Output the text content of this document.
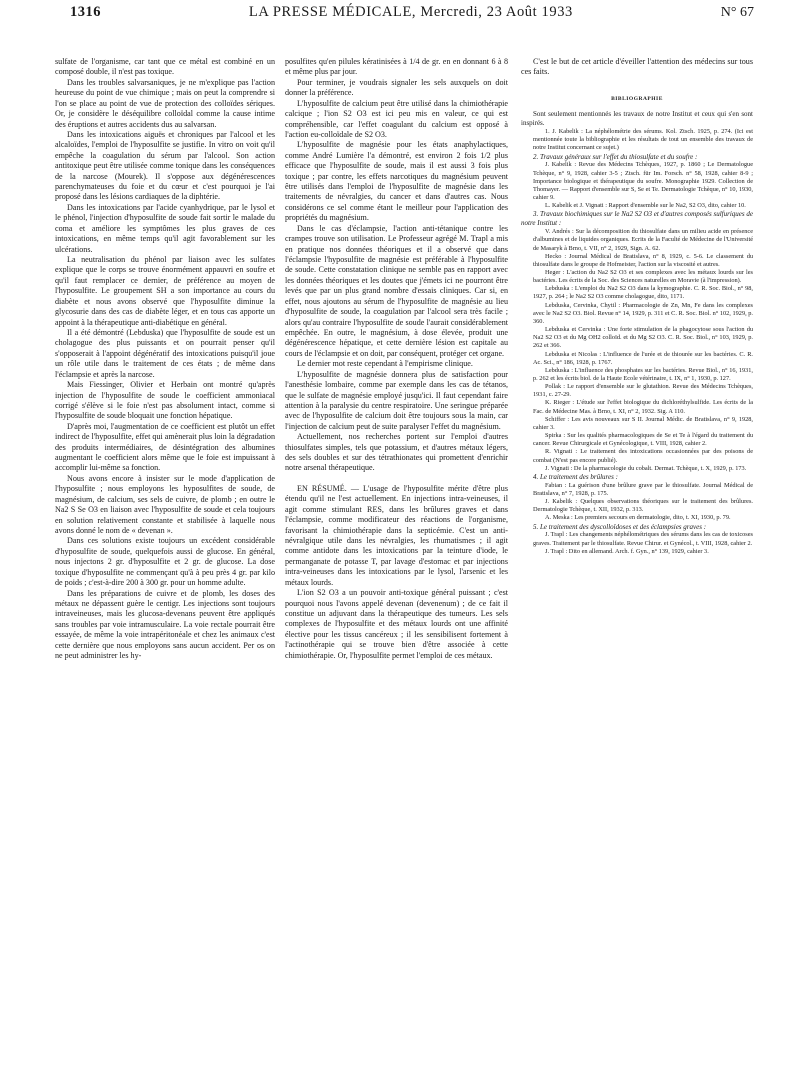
1316	LA PRESSE MÉDICALE, Mercredi, 23 Août 1933	N° 67

sulfate de l'organisme, car tant que ce métal est combiné en un composé double, il n'est pas toxique.

Dans les troubles salvarsaniques, je ne m'explique pas l'action heureuse du point de vue chimique ; mais on peut la comprendre si l'on se place au point de vue de protection des colloïdes sériques. Or, je considère le déséquilibre colloïdal comme la cause intime des éruptions et autres accidents dus au salvarsan.

Dans les intoxications aiguës et chroniques par l'alcool et les alcaloïdes, l'emploi de l'hyposulfite se justifie. In vitro on voit qu'il empêche la coagulation du sérum par l'alcool. Son action antitoxique peut être utilisée comme tonique dans les conséquences de la narcose (Mourek). Il s'oppose aux dégénérescences parenchymateuses du foie et du cœur et c'est pourquoi je l'ai proposé dans les lésions cardiaques de la diphtérie.

Dans les intoxications par l'acide cyanhydrique, par le lysol et le phénol, l'injection d'hyposulfite de soude fait sortir le malade du coma et améliore les symptômes les plus graves de ces intoxications, en même temps qu'il agit favorablement sur les ulcérations.

La neutralisation du phénol par liaison avec les sulfates explique que le corps se trouve énormément appauvri en soufre et qu'il faut remplacer ce dernier, de préférence au moyen de l'hyposulfite. Le groupement SH a son importance au cours du diabète et nous avons observé que l'hyposulfite diminue la glycosurie dans des cas de diabète léger, et en tous cas apporte un appoint à la thérapeutique anti-diabétique en général.

Il a été démontré (Lebduska) que l'hyposulfite de soude est un cholagogue des plus puissants et on pourrait penser qu'il s'opposerait à l'appoint dégénératif des intoxications puisqu'il joue un rôle utile dans le traitement de ces états ; de même dans l'éclampsie et après la narcose.

Mais Fiessinger, Olivier et Herbain ont montré qu'après injection de l'hyposulfite de soude le coefficient ammoniacal corrigé s'élève si le foie n'est pas absolument intact, comme si l'hyposulfite de soude bloquait une fonction hépatique.

D'après moi, l'augmentation de ce coefficient est plutôt un effet indirect de l'hyposulfite, effet qui amènerait plus loin la dégradation des produits intermédiaires, de désintégration des albumines augmentant le coefficient alors même que le foie est impuissant à accomplir lui-même sa fonction.

Nous avons encore à insister sur le mode d'application de l'hyposulfite ; nous employons les hyposulfites de soude, de magnésium, de calcium, ses sels de cuivre, de plomb ; en outre le Na2 S Se O3 en liaison avec l'hyposulfite de soude et cela toujours en solution relativement constante et stabilisée à laquelle nous avons donné le nom de « devenan ».

Dans ces solutions existe toujours un excédent considérable d'hyposulfite de soude, quelquefois aussi de glucose. En général, nous injectons 2 gr. d'hyposulfite et 2 gr. de glucose. La dose toxique d'hyposulfite ne commençant qu'à à peu près 4 gr. par kilo de poids ; c'est-à-dire 200 à 300 gr. pour un homme adulte.

Dans les préparations de cuivre et de plomb, les doses des métaux ne dépassent guère le centigr. Les injections sont toujours intraveineuses, mais les glucosa-devenans peuvent être appliqués sans troubles par voie intramusculaire. La voie rectale pourrait être essayée, de même la voie intrapéritonéale et chez les animaux c'est cette dernière que nous employons sans aucun accident. Per os on ne peut administrer les hy-

posulfites qu'en pilules kératinisées à 1/4 de gr. en en donnant 6 à 8 et même plus par jour.

Pour terminer, je voudrais signaler les sels auxquels on doit donner la préférence.

L'hyposulfite de calcium peut être utilisé dans la chimiothérapie calcique ; l'ion S2 O3 est ici peu mis en valeur, ce qui est compréhensible, car l'effet coagulant du calcium est opposé à l'action eu-colloïdale de S2 O3.

L'hyposulfite de magnésie pour les états anaphylactiques, comme André Lumière l'a démontré, est environ 2 fois 1/2 plus efficace que l'hyposulfite de soude, mais il est aussi 3 fois plus toxique ; par contre, les effets narcotiques du magnésium peuvent être utilisés dans l'emploi de l'hyposulfite de magnésie dans les traitements de névralgies, du cancer et dans d'autres cas. Nous considérons ce sel comme étant le meilleur pour l'application des propriétés du magnésium.

Dans le cas d'éclampsie, l'action anti-tétanique contre les crampes trouve son utilisation. Le Professeur agrégé M. Trapl a mis en pratique nos données théoriques et il a observé que dans l'éclampsie l'hyposulfite de magnésie est préférable à l'hyposulfite de soude. Cette constatation clinique ne semble pas en rapport avec les données théoriques et les doutes que j'émets ici ne pourront être levés que par un plus grand nombre d'essais cliniques. Car si, en effet, nous ajoutons au sérum de l'hyposulfite de magnésie au lieu d'hyposulfite de soude, la coagulation par l'alcool sera très facile ; alors qu'au contraire l'hyposulfite de soude l'aurait considérablement empêchée. En outre, le magnésium, à dose élevée, produit une dégénérescence hépatique, et cette dernière lésion est capitale au cours de l'éclampsie et on doit, par conséquent, protéger cet organe.

Le dernier mot reste cependant à l'empirisme clinique.

L'hyposulfite de magnésie donnera plus de satisfaction pour l'anesthésie lombaire, comme par exemple dans les cas de tétanos, que le sulfate de magnésie employé jusqu'ici. Il faut cependant faire attention à la paralysie du centre respiratoire. Une seringue préparée avec de l'hyposulfite de calcium doit être toujours sous la main, car l'injection de calcium peut de suite paralyser l'effet du magnésium.

Actuellement, nos recherches portent sur l'emploi d'autres thiosulfates simples, tels que potassium, et d'autres métaux légers, des sels doubles et sur des tétrathionates qui promettent d'enrichir notre arsenal thérapeutique.

EN RÉSUMÉ. — L'usage de l'hyposulfite mérite d'être plus étendu qu'il ne l'est actuellement. En injections intra-veineuses, il agit comme stimulant RES, dans les brûlures graves et dans l'éclampsie, comme modificateur des réactions de l'organisme, favorisant la chimiothérapie dans la septicémie. C'est un anti-névralgique utile dans les névralgies, les rhumatismes ; il agit comme antidote dans les intoxications par la teinture d'iode, le permanganate de potasse T, par lavage d'estomac et par injections intra-veineuses dans les intoxications par le lysol, l'arsenic et les métaux lourds.

L'ion S2 O3 a un pouvoir anti-toxique général puissant ; c'est pourquoi nous l'avons appelé devenan (devenenum) ; de ce fait il constitue un adjuvant dans la thérapeutique des tumeurs. Les sels complexes de l'hyposulfite et des métaux lourds ont une affinité élective pour les tissus cancéreux ; il les sensibilisent fortement à l'actinothérapie qui se trouve bien d'être associée à cette chimiothérapie. Or, l'hyposulfite permet l'emploi de ces métaux.

C'est le but de cet article d'éveiller l'attention des médecins sur tous ces faits.

BIBLIOGRAPHIE

Sont seulement mentionnés les travaux de notre Institut et ceux qui s'en sont inspirés.

1. J. Kabelik : La néphélométrie des sérums. Kol. Ztsch. 1925, p. 274. (Ici est mentionnée toute la bibliographie et les résultats de tout un ensemble des travaux de notre Institut concernant ce sujet.)

2. Travaux généraux sur l'effet du thiosulfate et du soufre :

J. Kabelik : Revue des Médecins Tchèques, 1927, p. 1860 ; Le Dermatologue Tchèque, n° 9, 1928, cahier 3-5 ; Ztsch. für Im. Forsch. n° 58, 1928, cahier 8-9 ; Importance biologique et thérapeutique du soufre. Monographie 1929. Collection de Thomayer. — Rapport d'ensemble sur S, Se et Te. Dermatologie Tchèque, n° 10, 1930, cahier 9.

L. Kabelik et J. Vignati : Rapport d'ensemble sur le Na2, S2 O3, dito, cahier 10.

3. Travaux biochimiques sur le Na2 S2 O3 et d'autres composés sulfuriques de notre Institut :

V. Andrés : Sur la décomposition du thiosulfate dans un milieu acide en présence d'albumines et de liquides organiques. Ecrits de la Faculté de Médecine de l'Université de Masaryk à Brno, t. VII, n° 2, 1929, Sign. A. 62.

Hecko : Journal Médical de Bratislava, n° 8, 1929, c. 5-6. Le classement du thiosulfate dans le groupe de Hofmeister, l'action sur la viscosité et autres.

Heger : L'action du Na2 S2 O3 et ses complexes avec les métaux lourds sur les bactéries. Les écrits de la Soc. des Sciences naturelles en Moravie (à l'impression).

Lebduska : L'emploi du Na2 S2 O3 dans la kymographie. C. R. Soc. Biol., n° 98, 1927, p. 264 ; le Na2 S2 O3 comme cholagogue, dito, 1171.

Lebduska, Cervinka, Chytil : Pharmacologie de Zn, Mn, Fe dans les complexes avec le Na2 S2 O3. Biol. Revue n° 14, 1929, p. 311 et C. R. Soc. Biol. n° 102, 1929, p. 360.

Lebduska et Cervinka : Une forte stimulation de la phagocytose sous l'action du Na2 S2 O3 et du Mg OH2 colloïd. et du Mg S2 O3. C. R. Soc. Biol., n° 103, 1929, p. 262 et 366.

Lebduska et Nicolas : L'influence de l'urée et de thiourée sur les bactéries. C. R. Ac. Sci., n° 186, 1928, p. 1767.

Lebduska : L'influence des phosphates sur les bactéries. Revue Biol., n° 16, 1931, p. 262 et les écrits biol. de la Haute Ecole vétérinaire, t. IX, n° 1, 1930, p. 127.

Pollak : Le rapport d'ensemble sur le glutathion. Revue des Médecins Tchèques, 1931, c. 27-29.

K. Rieger : L'étude sur l'effet biologique du dichloréthylsulfide. Les écrits de la Fac. de Médecine Mas. à Brno, t. XI, n° 2, 1932. Sig. A 110.

Schiffer : Les avis nouveaux sur S II. Journal Médic. de Bratislava, n° 9, 1928, cahier 3.

Spirka : Sur les qualités pharmacologiques de Se et Te à l'égard du traitement du cancer. Revue Chirurgicale et Gynécologique, t. VIII, 1928, cahier 2.

R. Vignati : Le traitement des intoxications occasionnées par des poisons de combat (N'est pas encore publié).

J. Vignati : De la pharmacologie du cobalt. Dermat. Tchèque, t. X, 1929, p. 173.

4. Le traitement des brûlures :

Fabian : La guérison d'une brûlure grave par le thiosulfate. Journal Médical de Bratislava, n° 7, 1928, p. 175.

J. Kabelik : Quelques observations théoriques sur le traitement des brûlures. Dermatologie Tchèque, t. XII, 1932, p. 313.

A. Meska : Les premiers secours en dermatologie, dito, t. XI, 1930, p. 79.

5. Le traitement des dyscolloïdoses et des éclampsies graves :

J. Trapl : Les changements néphélométriques des sérums dans les cas de toxicoses graves. Traitement par le thiosulfate. Revue Chirur. et Gynécol., t. VIII, 1928, cahier 2.

J. Trapl : Dito en allemand. Arch. f. Gyn., n° 139, 1929, cahier 3.
